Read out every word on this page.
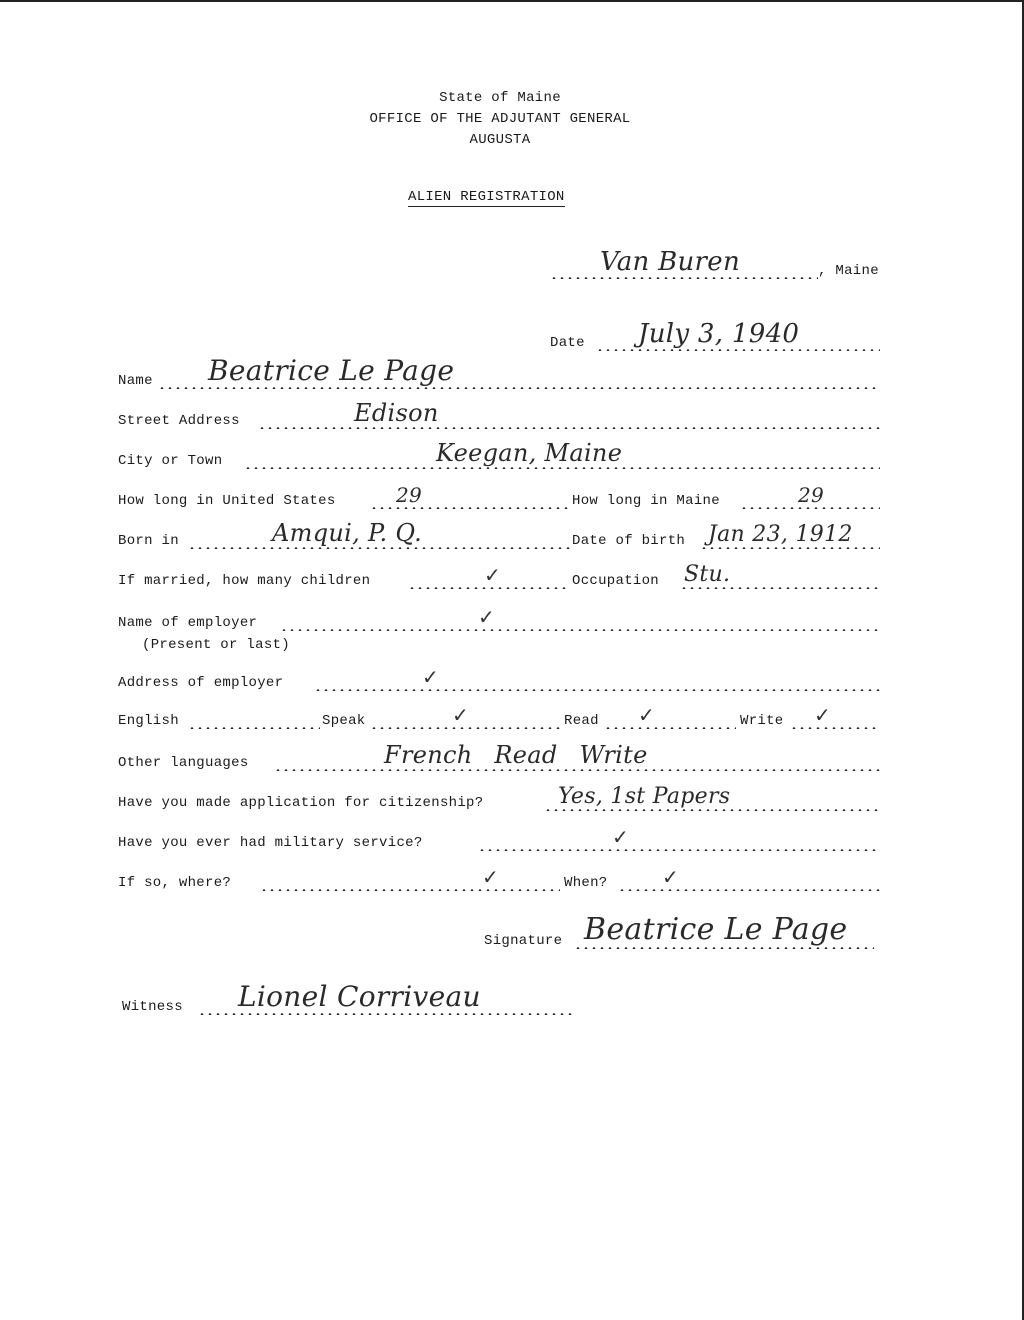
State of Maine
OFFICE OF THE ADJUTANT GENERAL
AUGUSTA
ALIEN REGISTRATION
Van Buren	, Maine
Date July 3, 1940
Name Beatrice Le Page
Street Address	Edison
City or Town	Keegan, Maine
How long in United States	29	How long in Maine	29
Born in	Amqui, P. Q.	Date of birth Jan 23, 1912
If married, how many children	✓	Occupation Stu.
Name of employer	✓
(Present or last)
Address of employer	✓
English	Speak	✓	Read ✓	Write ✓
Other languages	French Read Write
Have you made application for citizenship?	Yes, 1st Papers
Have you ever had military service?	✓
If so, where?	✓	When?	✓
Signature Beatrice Le Page
Witness Lionel Corriveau
